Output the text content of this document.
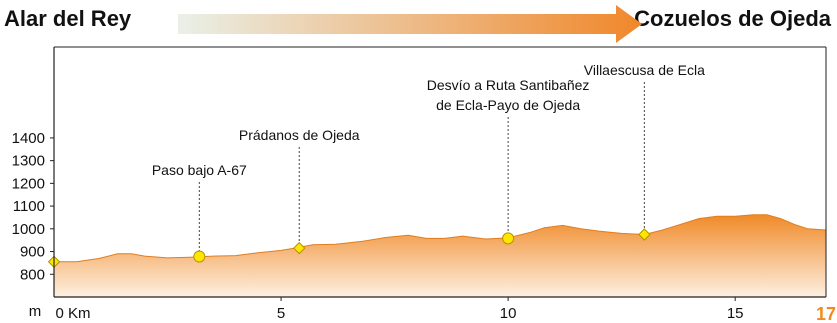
Alar del Rey	Cozuelos de Ojeda
Paso bajo A-67
Prádanos de Ojeda
Desvío a Ruta Santibañez
de Ecla-Payo de Ojeda
Villaescusa de Ecla
800
900
1000
1100
1200
1300
1400
0 Km	5	10	15	17
m
